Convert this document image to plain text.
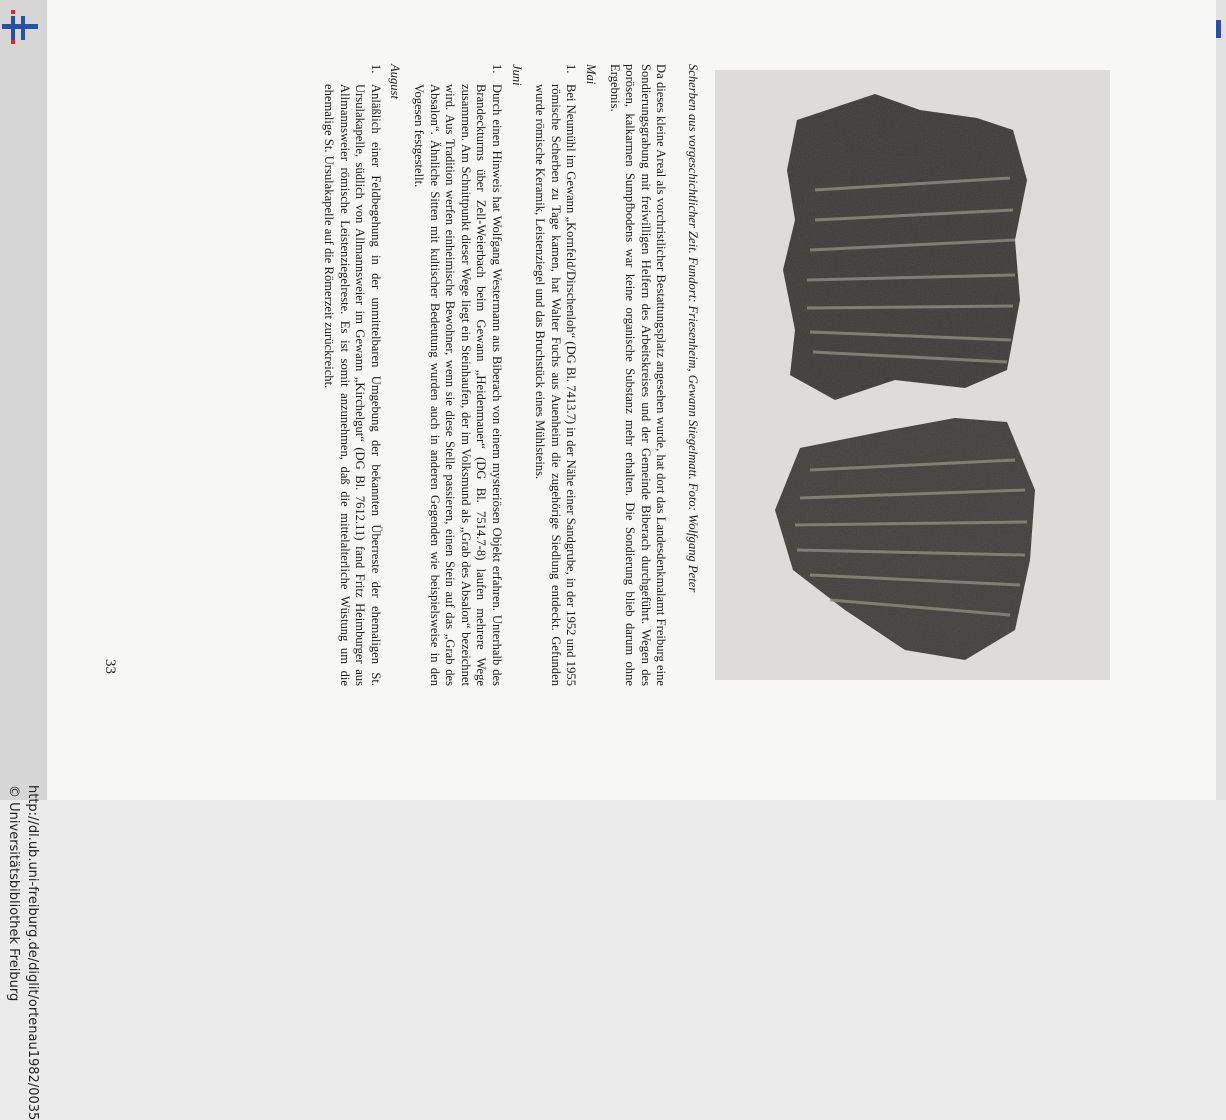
http://dl.ub.uni-freiburg.de/diglit/ortenau1982/0035
© Universitätsbibliothek Freiburg

Scherben aus vorgeschichtlicher Zeit. Fundort: Friesenheim, Gewann Stiegelmatt. Foto: Wolfgang Peter

Da dieses kleine Areal als vorchristlicher Bestattungsplatz angesehen wurde, hat dort das Landesdenkmalamt Freiburg eine Sondierungsgrabung mit freiwilligen Helfern des Arbeitskreises und der Gemeinde Biberach durchgeführt. Wegen des porösen, kalkarmen Sumpfbodens war keine organische Substanz mehr erhalten. Die Sondierung blieb darum ohne Ergebnis.

Mai

1.
Bei Neumühl im Gewann „Kornfeld/Dirschenloh“ (DG Bl. 7413.7) in der Nähe einer Sandgrube, in der 1952 und 1955 römische Scherben zu Tage kamen, hat Walter Fuchs aus Auenheim die zugehörige Siedlung entdeckt. Gefunden wurde römische Keramik, Leistenziegel und das Bruchstück eines Mühlsteins.

Juni

1.
Durch einen Hinweis hat Wolfgang Westermann aus Biberach von einem mysteriösen Objekt erfahren. Unterhalb des Brandeckturms über Zell-Weierbach beim Gewann „Heidenmauer“ (DG Bl. 7514.7-8) laufen mehrere Wege zusammen. Am Schnittpunkt dieser Wege liegt ein Steinhaufen, der im Volksmund als „Grab des Absalon“ bezeichnet wird. Aus Tradition werfen einheimische Bewohner, wenn sie diese Stelle passieren, einen Stein auf das „Grab des Absalon“. Ähnliche Sitten mit kultischer Bedeutung wurden auch in anderen Gegenden wie beispielsweise in den Vogesen festgestellt.

August

1.
Anläßlich einer Feldbegehung in der unmittelbaren Umgebung der bekannten Überreste der ehemaligen St. Ursulakapelle, südlich von Allmannsweier im Gewann „Kirchelgut“ (DG Bl. 7612.11) fand Fritz Heimburger aus Allmannsweier römische Leistenziegelreste. Es ist somit anzunehmen, daß die mittelalterliche Wüstung um die ehemalige St. Ursulakapelle auf die Römerzeit zurückreicht.
33
